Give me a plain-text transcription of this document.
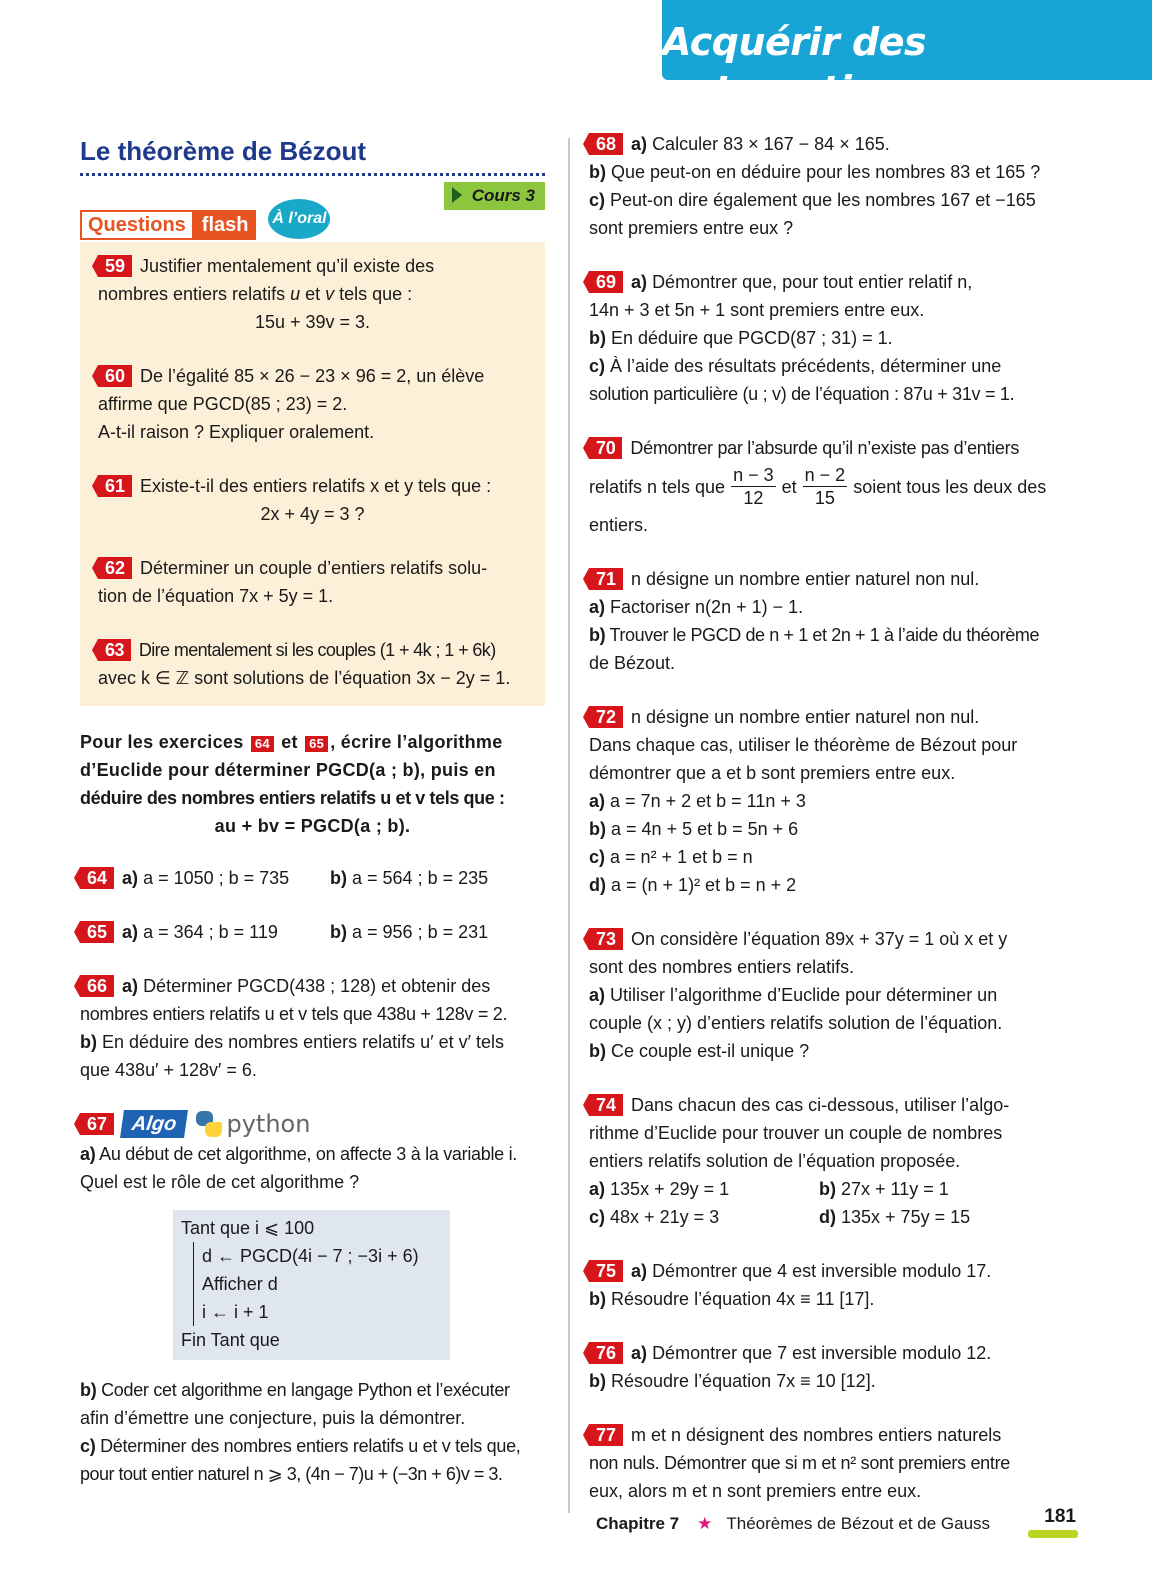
Acquérir des automatismes
Le théorème de Bézout
Cours 3
Questions flash	À l’oral

59 Justifier mentalement qu’il existe des

nombres entiers relatifs u et v tels que :

15u + 39v = 3.

60 De l’égalité 85 × 26 − 23 × 96 = 2, un élève

affirme que PGCD(85 ; 23) = 2.

A-t-il raison ? Expliquer oralement.

61 Existe-t-il des entiers relatifs x et y tels que :

2x + 4y = 3 ?

62 Déterminer un couple d’entiers relatifs solu-

tion de l’équation 7x + 5y = 1.

63 Dire mentalement si les couples (1 + 4k ; 1 + 6k)

avec k ∈ ℤ sont solutions de l’équation 3x − 2y = 1.

Pour les exercices 64 et 65 , écrire l’algorithme

d’Euclide pour déterminer PGCD(a ; b), puis en

déduire des nombres entiers relatifs u et v tels que :

au + bv = PGCD(a ; b).

64 a) a = 1050 ; b = 735	b) a = 564 ; b = 235

65 a) a = 364 ; b = 119	b) a = 956 ; b = 231

66 a) Déterminer PGCD(438 ; 128) et obtenir des

nombres entiers relatifs u et v tels que 438u + 128v = 2.

b) En déduire des nombres entiers relatifs u′ et v′ tels

que 438u′ + 128v′ = 6.

67	Algo	python

a) Au début de cet algorithme, on affecte 3 à la variable i.

Quel est le rôle de cet algorithme ?

Tant que i ⩽ 100

d ← PGCD(4i − 7 ; −3i + 6)

Afficher d

i ← i + 1

Fin Tant que

b) Coder cet algorithme en langage Python et l’exécuter

afin d’émettre une conjecture, puis la démontrer.

c) Déterminer des nombres entiers relatifs u et v tels que,

pour tout entier naturel n ⩾ 3, (4n − 7)u + (−3n + 6)v = 3.

68 a) Calculer 83 × 167 − 84 × 165.

b) Que peut-on en déduire pour les nombres 83 et 165 ?

c) Peut-on dire également que les nombres 167 et −165

sont premiers entre eux ?

69 a) Démontrer que, pour tout entier relatif n,

14n + 3 et 5n + 1 sont premiers entre eux.

b) En déduire que PGCD(87 ; 31) = 1.

c) À l’aide des résultats précédents, déterminer une

solution particulière (u ; v) de l’équation : 87u + 31v = 1.

70 Démontrer par l’absurde qu’il n’existe pas d’entiers

relatifs n tels que $\frac{n - 3}{12}$ et $\frac{n - 2}{15}$ soient tous les deux des

entiers.

71 n désigne un nombre entier naturel non nul.

a) Factoriser n(2n + 1) − 1.

b) Trouver le PGCD de n + 1 et 2n + 1 à l’aide du théorème

de Bézout.

72 n désigne un nombre entier naturel non nul.

Dans chaque cas, utiliser le théorème de Bézout pour

démontrer que a et b sont premiers entre eux.

a) a = 7n + 2 et b = 11n + 3

b) a = 4n + 5 et b = 5n + 6

c) a = n² + 1 et b = n

d) a = (n + 1)² et b = n + 2

73 On considère l’équation 89x + 37y = 1 où x et y

sont des nombres entiers relatifs.

a) Utiliser l’algorithme d’Euclide pour déterminer un

couple (x ; y) d’entiers relatifs solution de l’équation.

b) Ce couple est-il unique ?

74 Dans chacun des cas ci-dessous, utiliser l’algo-

rithme d’Euclide pour trouver un couple de nombres

entiers relatifs solution de l’équation proposée.

a) 135x + 29y = 1	b) 27x + 11y = 1

c) 48x + 21y = 3	d) 135x + 75y = 15

75 a) Démontrer que 4 est inversible modulo 17.

b) Résoudre l’équation 4x ≡ 11 [17].

76 a) Démontrer que 7 est inversible modulo 12.

b) Résoudre l’équation 7x ≡ 10 [12].

77 m et n désignent des nombres entiers naturels

non nuls. Démontrer que si m et n² sont premiers entre

eux, alors m et n sont premiers entre eux.

Chapitre 7 ★ Théorèmes de Bézout et de Gauss	181
